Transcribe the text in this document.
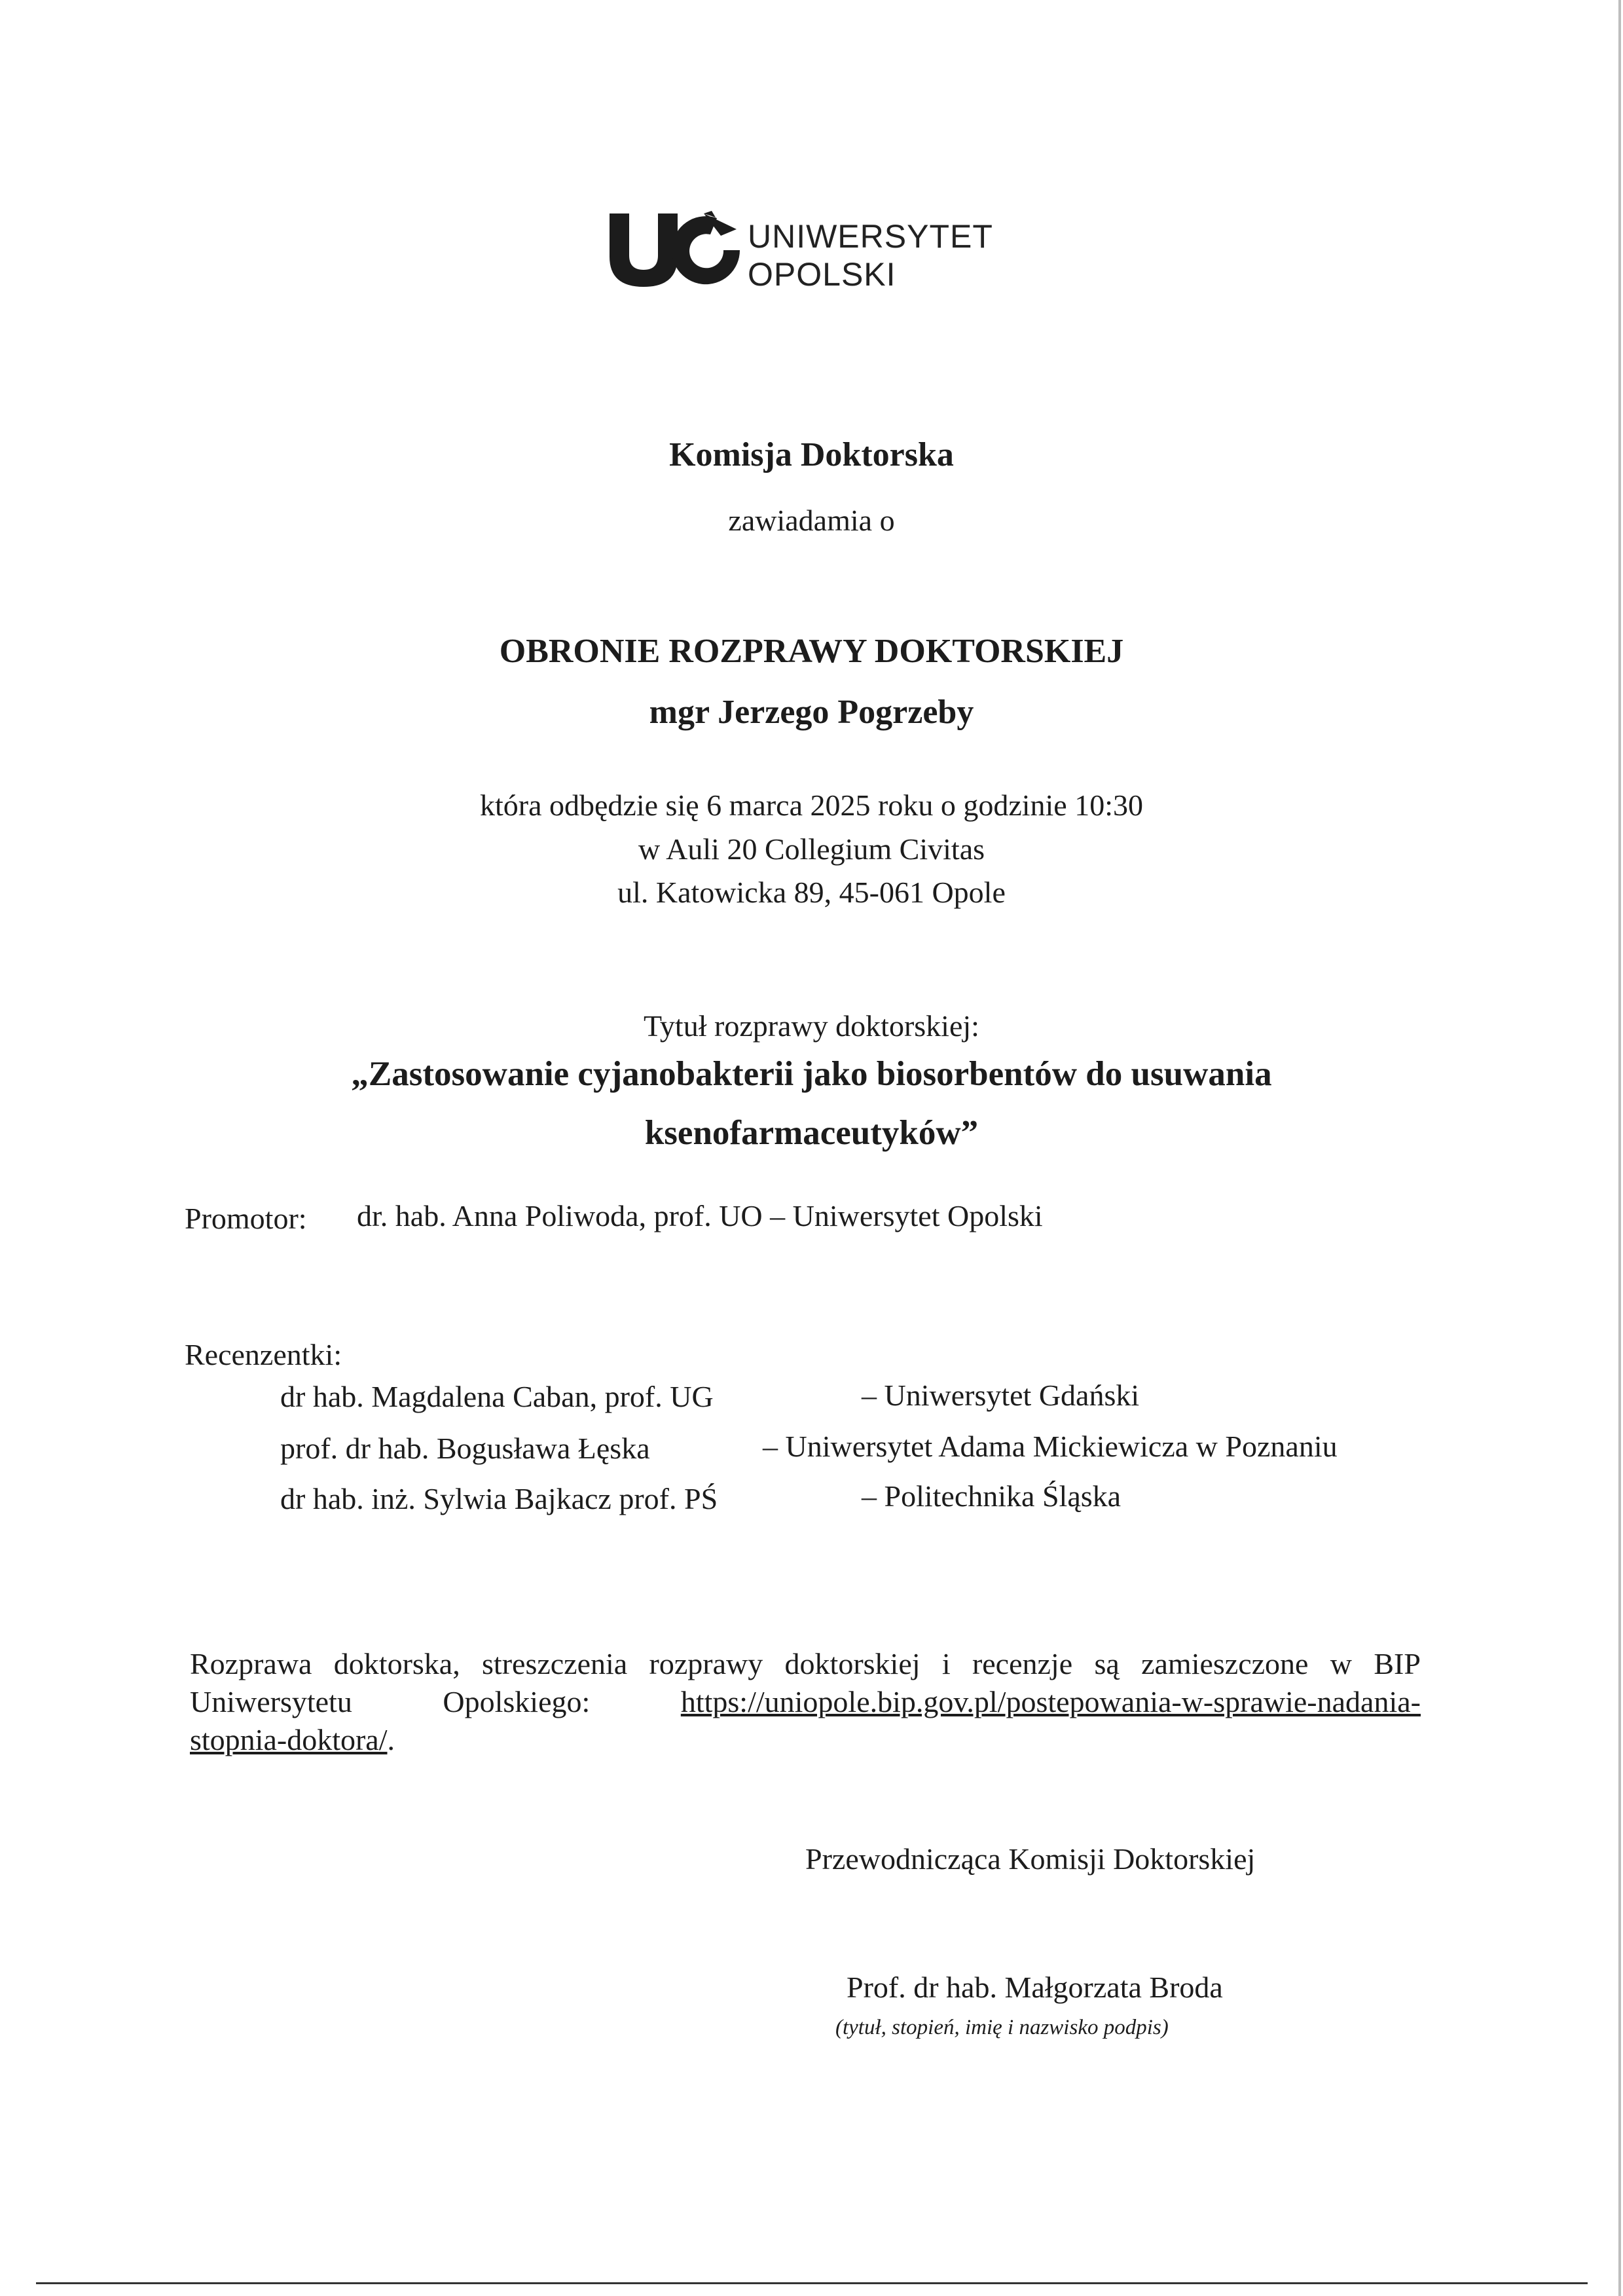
UNIWERSYTET
OPOLSKI
Komisja Doktorska
zawiadamia o
OBRONIE ROZPRAWY DOKTORSKIEJ
mgr Jerzego Pogrzeby
która odbędzie się 6 marca 2025 roku o godzinie 10:30
w Auli 20 Collegium Civitas
ul. Katowicka 89, 45-061 Opole
Tytuł rozprawy doktorskiej:
„Zastosowanie cyjanobakterii jako biosorbentów do usuwania
ksenofarmaceutyków”
Promotor: dr. hab. Anna Poliwoda, prof. UO – Uniwersytet Opolski
Recenzentki:
dr hab. Magdalena Caban, prof. UG	– Uniwersytet Gdański
prof. dr hab. Bogusława Łęska	– Uniwersytet Adama Mickiewicza w Poznaniu
dr hab. inż. Sylwia Bajkacz prof. PŚ	– Politechnika Śląska
Rozprawa doktorska, streszczenia rozprawy doktorskiej i recenzje są zamieszczone w BIP
Uniwersytetu	Opolskiego:	https://uniopole.bip.gov.pl/postepowania-w-sprawie-nadania-
stopnia-doktora/.
Przewodnicząca Komisji Doktorskiej
Prof. dr hab. Małgorzata Broda
(tytuł, stopień, imię i nazwisko podpis)
